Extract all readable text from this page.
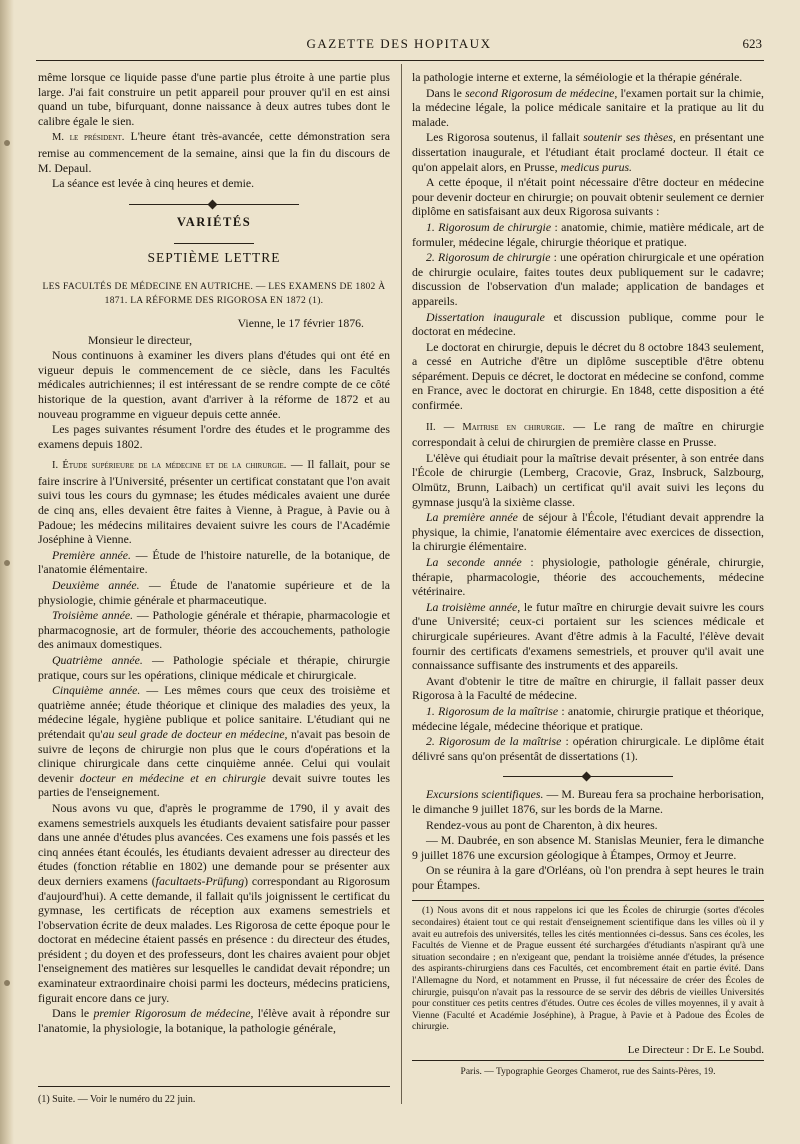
GAZETTE DES HOPITAUX	623

même lorsque ce liquide passe d'une partie plus étroite à une partie plus large. J'ai fait construire un petit appareil pour prouver qu'il en est ainsi quand un tube, bifurquant, donne naissance à deux autres tubes dont le calibre égale le sien.

M. le président. L'heure étant très-avancée, cette démonstration sera remise au commencement de la semaine, ainsi que la fin du discours de M. Depaul.

La séance est levée à cinq heures et demie.

VARIÉTÉS
SEPTIÈME LETTRE
LES FACULTÉS DE MÉDECINE EN AUTRICHE. — LES EXAMENS DE 1802 À 1871. LA RÉFORME DES RIGOROSA EN 1872 (1).
Vienne, le 17 février 1876.

Monsieur le directeur,

Nous continuons à examiner les divers plans d'études qui ont été en vigueur depuis le commencement de ce siècle, dans les Facultés médicales autrichiennes; il est intéressant de se rendre compte de ce côté historique de la question, avant d'arriver à la réforme de 1872 et au nouveau programme en vigueur depuis cette année.

Les pages suivantes résument l'ordre des études et le programme des examens depuis 1802.

I. Étude supérieure de la médecine et de la chirurgie. — Il fallait, pour se faire inscrire à l'Université, présenter un certificat constatant que l'on avait suivi tous les cours du gymnase; les études médicales avaient une durée de cinq ans, elles devaient être faites à Vienne, à Prague, à Pavie ou à Padoue; les médecins militaires devaient suivre les cours de l'Académie Joséphine à Vienne.

Première année. — Étude de l'histoire naturelle, de la botanique, de l'anatomie élémentaire.

Deuxième année. — Étude de l'anatomie supérieure et de la physiologie, chimie générale et pharmaceutique.

Troisième année. — Pathologie générale et thérapie, pharmacologie et pharmacognosie, art de formuler, théorie des accouchements, pathologie des animaux domestiques.

Quatrième année. — Pathologie spéciale et thérapie, chirurgie pratique, cours sur les opérations, clinique médicale et chirurgicale.

Cinquième année. — Les mêmes cours que ceux des troisième et quatrième année; étude théorique et clinique des maladies des yeux, la médecine légale, hygiène publique et police sanitaire. L'étudiant qui ne prétendait qu'au seul grade de docteur en médecine, n'avait pas besoin de suivre de leçons de chirurgie non plus que le cours d'opérations et la clinique chirurgicale dans cette cinquième année. Celui qui voulait devenir docteur en médecine et en chirurgie devait suivre toutes les parties de l'enseignement.

Nous avons vu que, d'après le programme de 1790, il y avait des examens semestriels auxquels les étudiants devaient satisfaire pour passer dans une année d'études plus avancées. Ces examens une fois passés et les cinq années étant écoulés, les étudiants devaient adresser au directeur des études (fonction rétablie en 1802) une demande pour se présenter aux deux derniers examens (facultaets-Prüfung) correspondant au Rigorosum d'aujourd'hui). A cette demande, il fallait qu'ils joignissent le certificat du gymnase, les certificats de réception aux examens semestriels et l'observation écrite de deux malades. Les Rigorosa de cette époque pour le doctorat en médecine étaient passés en présence : du directeur des études, président ; du doyen et des professeurs, dont les chaires avaient pour objet l'enseignement des matières sur lesquelles le candidat devait répondre; un examinateur extraordinaire choisi parmi les docteurs, médecins praticiens, figurait encore dans ce jury.

Dans le premier Rigorosum de médecine, l'élève avait à répondre sur l'anatomie, la physiologie, la botanique, la pathologie générale,

(1) Suite. — Voir le numéro du 22 juin.

la pathologie interne et externe, la séméiologie et la thérapie générale.

Dans le second Rigorosum de médecine, l'examen portait sur la chimie, la médecine légale, la police médicale sanitaire et la pratique au lit du malade.

Les Rigorosa soutenus, il fallait soutenir ses thèses, en présentant une dissertation inaugurale, et l'étudiant était proclamé docteur. Il était ce qu'on appelait alors, en Prusse, medicus purus.

A cette époque, il n'était point nécessaire d'être docteur en médecine pour devenir docteur en chirurgie; on pouvait obtenir seulement ce dernier diplôme en satisfaisant aux deux Rigorosa suivants :

1. Rigorosum de chirurgie : anatomie, chimie, matière médicale, art de formuler, médecine légale, chirurgie théorique et pratique.

2. Rigorosum de chirurgie : une opération chirurgicale et une opération de chirurgie oculaire, faites toutes deux publiquement sur le cadavre; discussion de l'observation d'un malade; application de bandages et appareils.

Dissertation inaugurale et discussion publique, comme pour le doctorat en médecine.

Le doctorat en chirurgie, depuis le décret du 8 octobre 1843 seulement, a cessé en Autriche d'être un diplôme susceptible d'être obtenu séparément. Depuis ce décret, le doctorat en médecine se confond, comme en France, avec le doctorat en chirurgie. En 1848, cette disposition a été confirmée.

II. — Maitrise en chirurgie. — Le rang de maître en chirurgie correspondait à celui de chirurgien de première classe en Prusse.

L'élève qui étudiait pour la maîtrise devait présenter, à son entrée dans l'École de chirurgie (Lemberg, Cracovie, Graz, Insbruck, Salzbourg, Olmütz, Brunn, Laibach) un certificat qu'il avait suivi les leçons du gymnase jusqu'à la sixième classe.

La première année de séjour à l'École, l'étudiant devait apprendre la physique, la chimie, l'anatomie élémentaire avec exercices de dissection, la chirurgie élémentaire.

La seconde année : physiologie, pathologie générale, chirurgie, thérapie, pharmacologie, théorie des accouchements, médecine vétérinaire.

La troisième année, le futur maître en chirurgie devait suivre les cours d'une Université; ceux-ci portaient sur les sciences médicale et chirurgicale supérieures. Avant d'être admis à la Faculté, l'élève devait fournir des certificats d'examens semestriels, et prouver qu'il avait une connaissance suffisante des instruments et des appareils.

Avant d'obtenir le titre de maître en chirurgie, il fallait passer deux Rigorosa à la Faculté de médecine.

1. Rigorosum de la maîtrise : anatomie, chirurgie pratique et théorique, médecine légale, médecine théorique et pratique.

2. Rigorosum de la maîtrise : opération chirurgicale. Le diplôme était délivré sans qu'on présentât de dissertations (1).

Excursions scientifiques. — M. Bureau fera sa prochaine herborisation, le dimanche 9 juillet 1876, sur les bords de la Marne.

Rendez-vous au pont de Charenton, à dix heures.

— M. Daubrée, en son absence M. Stanislas Meunier, fera le dimanche 9 juillet 1876 une excursion géologique à Étampes, Ormoy et Jeurre.

On se réunira à la gare d'Orléans, où l'on prendra à sept heures le train pour Étampes.

(1) Nous avons dit et nous rappelons ici que les Écoles de chirurgie (sortes d'écoles secondaires) étaient tout ce qui restait d'enseignement scientifique dans les villes où il y avait eu autrefois des universités, telles les cités mentionnées ci-dessus. Sans ces écoles, les Facultés de Vienne et de Prague eussent été surchargées d'étudiants n'aspirant qu'à une situation secondaire ; en n'exigeant que, pendant la troisième année d'études, la présence des aspirants-chirurgiens dans ces Facultés, cet encombrement était en partie évité. Dans l'Allemagne du Nord, et notamment en Prusse, il fut nécessaire de créer des Écoles de chirurgie, puisqu'on n'avait pas la ressource de se servir des débris de vieilles Universités pour constituer ces petits centres d'études. Outre ces écoles de villes moyennes, il y avait à Vienne (Faculté et Académie Joséphine), à Prague, à Pavie et à Padoue des Écoles de chirurgie.

Le Directeur : Dr E. Le Soubd.
Paris. — Typographie Georges Chamerot, rue des Saints-Pères, 19.
